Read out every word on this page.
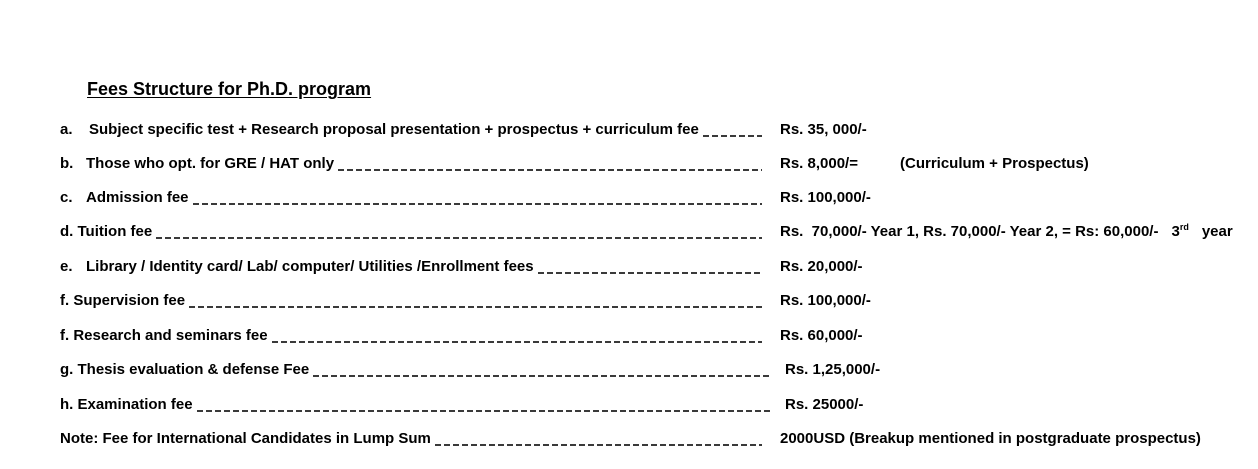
Fees Structure for Ph.D. program
a. Subject specific test + Research proposal presentation + prospectus + curriculum fee	Rs. 35, 000/-
b. Those who opt. for GRE / HAT only	Rs. 8,000/=	(Curriculum + Prospectus)
c. Admission fee	Rs. 100,000/-
d. Tuition fee	Rs.  70,000/- Year 1, Rs. 70,000/- Year 2, = Rs: 60,000/- 3rd year
e. Library / Identity card/ Lab/ computer/ Utilities /Enrollment fees	Rs. 20,000/-
f. Supervision fee	Rs. 100,000/-
f. Research and seminars fee	Rs. 60,000/-
g. Thesis evaluation & defense Fee	Rs. 1,25,000/-
h. Examination fee	Rs. 25000/-
Note: Fee for International Candidates in Lump Sum	2000USD (Breakup mentioned in postgraduate prospectus)
